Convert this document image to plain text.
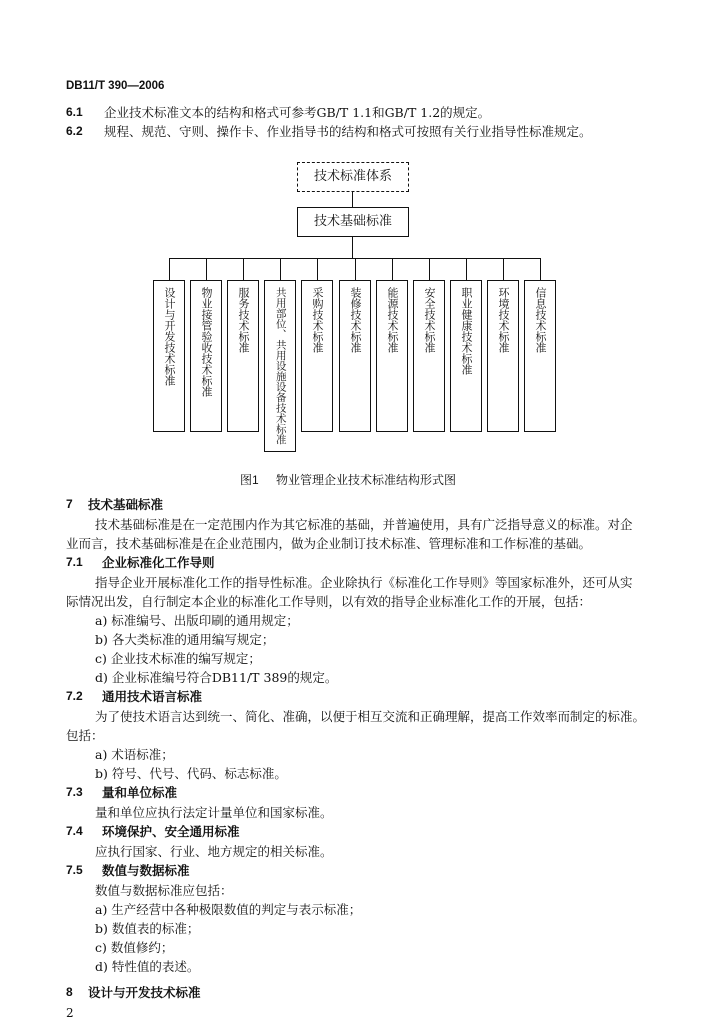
DB11/T 390—2006
6.1 企业技术标准文本的结构和格式可参考GB/T 1.1和GB/T 1.2的规定。
6.2 规程、规范、守则、操作卡、作业指导书的结构和格式可按照有关行业指导性标准规定。
技术标准体系
技术基础标准
设计与开发技术标准 物业接管验收技术标准 服务技术标准 共用部位、共用设施设备技术标准 采购技术标准 装修技术标准 能源技术标准 安全技术标准 职业健康技术标准 环境技术标准 信息技术标准
图1 物业管理企业技术标准结构形式图
7 技术基础标准
技术基础标准是在一定范围内作为其它标准的基础，并普遍使用，具有广泛指导意义的标准。对企
业而言，技术基础标准是在企业范围内，做为企业制订技术标准、管理标准和工作标准的基础。
7.1 企业标准化工作导则
指导企业开展标准化工作的指导性标准。企业除执行《标准化工作导则》等国家标准外，还可从实
际情况出发，自行制定本企业的标准化工作导则，以有效的指导企业标准化工作的开展，包括：
a) 标准编号、出版印刷的通用规定；
b) 各大类标准的通用编写规定；
c) 企业技术标准的编写规定；
d) 企业标准编号符合DB11/T 389的规定。
7.2 通用技术语言标准
为了使技术语言达到统一、简化、准确，以便于相互交流和正确理解，提高工作效率而制定的标准。
包括：
a) 术语标准；
b) 符号、代号、代码、标志标准。
7.3 量和单位标准
量和单位应执行法定计量单位和国家标准。
7.4 环境保护、安全通用标准
应执行国家、行业、地方规定的相关标准。
7.5 数值与数据标准
数值与数据标准应包括：
a) 生产经营中各种极限数值的判定与表示标准；
b) 数值表的标准；
c) 数值修约；
d) 特性值的表述。
8 设计与开发技术标准
2
